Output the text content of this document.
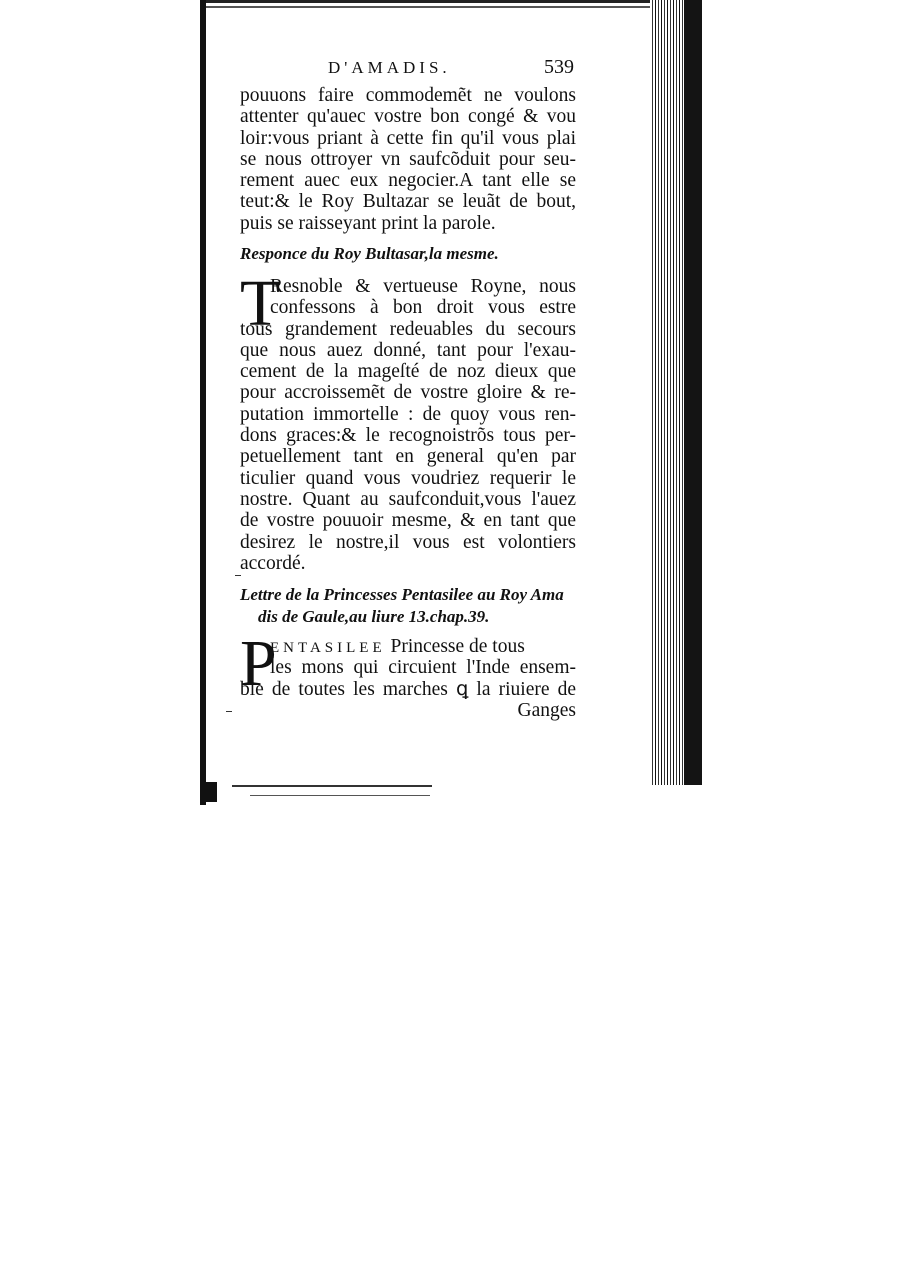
D'AMADIS.	539
pouuons faire commodemẽt ne voulons
attenter qu'auec vostre bon congé & vou
loir:vous priant à cette fin qu'il vous plai
se nous ottroyer vn saufcõduit pour seu-
rement auec eux negocier.A tant elle se
teut:& le Roy Bultazar se leuãt de bout,
puis se raisseyant print la parole.
Responce du Roy Bultasar,la mesme.
T
Resnoble & vertueuse Royne, nous
confessons à bon droit vous estre
tous grandement redeuables du secours
que nous auez donné, tant pour l'exau-
cement de la mageſté de noz dieux que
pour accroissemẽt de vostre gloire & re-
putation immortelle : de quoy vous ren-
dons graces:& le recognoistrõs tous per-
petuellement tant en general qu'en par
ticulier quand vous voudriez requerir le
nostre. Quant au saufconduit,vous l'auez
de vostre pouuoir mesme, & en tant que
desirez le nostre,il vous est volontiers
accordé.
Lettre de la Princesses Pentasilee au Roy Ama
dis de Gaule,au liure 13.chap.39.
P
ENTASILEE Princesse de tous
les mons qui circuient l'Inde ensem-
ble de toutes les marches ꝗ la riuiere de
Ganges
